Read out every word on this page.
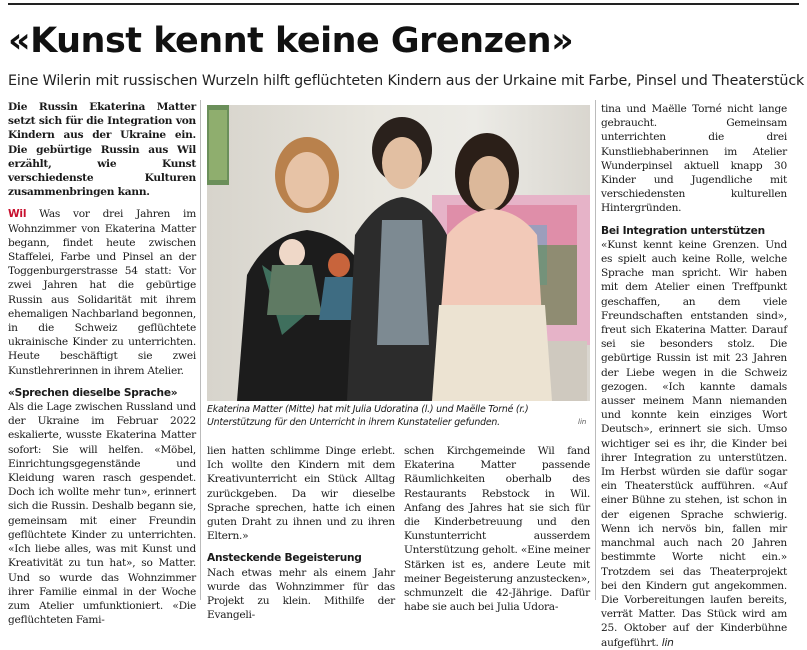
«Kunst kennt keine Grenzen»

Eine Wilerin mit russischen Wurzeln hilft geflüchteten Kindern aus der Urkaine mit Farbe, Pinsel und Theaterstück

Die Russin Ekaterina Matter setzt sich für die Integration von Kindern aus der Ukraine ein. Die gebürtige Russin aus Wil erzählt, wie Kunst verschiedenste Kulturen zusammenbringen kann.

Wil Was vor drei Jahren im Wohnzimmer von Ekaterina Matter begann, findet heute zwischen Staffelei, Farbe und Pinsel an der Toggenburgerstrasse 54 statt: Vor zwei Jahren hat die gebürtige Russin aus Solidarität mit ihrem ehemaligen Nachbarland begonnen, in die Schweiz geflüchtete ukrainische Kinder zu unterrichten. Heute beschäftigt sie zwei Kunstlehrerinnen in ihrem Atelier.

«Sprechen dieselbe Sprache»

Als die Lage zwischen Russland und der Ukraine im Februar 2022 eskalierte, wusste Ekaterina Matter sofort: Sie will helfen. «Möbel, Einrichtungsgegenstände und Kleidung waren rasch gespendet. Doch ich wollte mehr tun», erinnert sich die Russin. Deshalb begann sie, gemeinsam mit einer Freundin geflüchtete Kinder zu unterrichten. «Ich liebe alles, was mit Kunst und Kreativität zu tun hat», so Matter. Und so wurde das Wohnzimmer ihrer Familie einmal in der Woche zum Atelier umfunktioniert. «Die geflüchteten Fami-

Ekaterina Matter (Mitte) hat mit Julia Udoratina (l.) und Maëlle Torné (r.) Unterstützung für den Unterricht in ihrem Kunstatelier gefunden.	lin

lien hatten schlimme Dinge erlebt. Ich wollte den Kindern mit dem Kreativunterricht ein Stück Alltag zurückgeben. Da wir dieselbe Sprache sprechen, hatte ich einen guten Draht zu ihnen und zu ihren Eltern.»

Ansteckende Begeisterung

Nach etwas mehr als einem Jahr wurde das Wohnzimmer für das Projekt zu klein. Mithilfe der Evangeli-

schen Kirchgemeinde Wil fand Ekaterina Matter passende Räumlichkeiten oberhalb des Restaurants Rebstock in Wil. Anfang des Jahres hat sie sich für die Kinderbetreuung und den Kunstunterricht ausserdem Unterstützung geholt. «Eine meiner Stärken ist es, andere Leute mit meiner Begeisterung anzustecken», schmunzelt die 42-Jährige. Dafür habe sie auch bei Julia Udora-

tina und Maëlle Torné nicht lange gebraucht. Gemeinsam unterrichten die drei Kunstliebhaberinnen im Atelier Wunderpinsel aktuell knapp 30 Kinder und Jugendliche mit verschiedensten kulturellen Hintergründen.

Bei Integration unterstützen

«Kunst kennt keine Grenzen. Und es spielt auch keine Rolle, welche Sprache man spricht. Wir haben mit dem Atelier einen Treffpunkt geschaffen, an dem viele Freundschaften entstanden sind», freut sich Ekaterina Matter. Darauf sei sie besonders stolz. Die gebürtige Russin ist mit 23 Jahren der Liebe wegen in die Schweiz gezogen. «Ich kannte damals ausser meinem Mann niemanden und konnte kein einziges Wort Deutsch», erinnert sie sich. Umso wichtiger sei es ihr, die Kinder bei ihrer Integration zu unterstützen. Im Herbst würden sie dafür sogar ein Theaterstück aufführen. «Auf einer Bühne zu stehen, ist schon in der eigenen Sprache schwierig. Wenn ich nervös bin, fallen mir manchmal auch nach 20 Jahren bestimmte Worte nicht ein.» Trotzdem sei das Theaterprojekt bei den Kindern gut angekommen. Die Vorbereitungen laufen bereits, verrät Matter. Das Stück wird am 25. Oktober auf der Kinderbühne aufgeführt. lin
